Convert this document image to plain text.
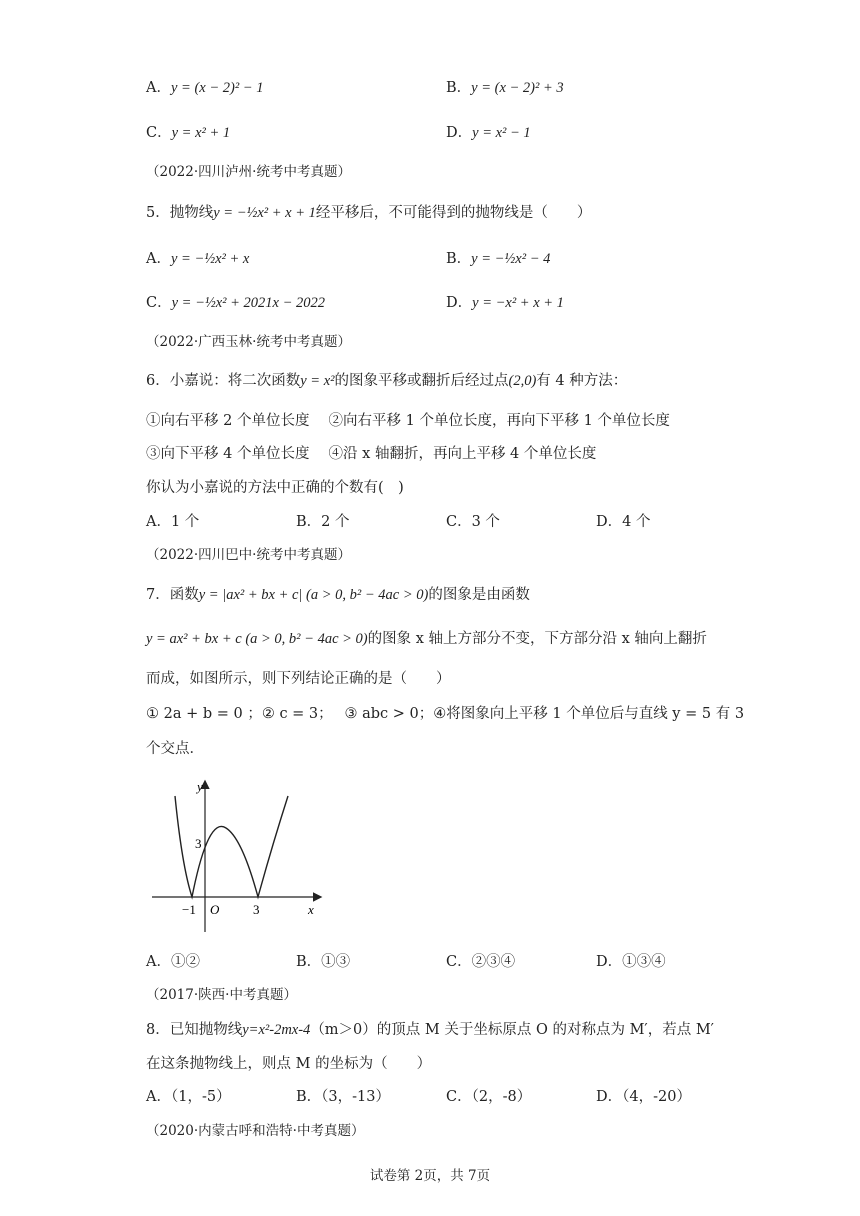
A．y = (x − 2)² − 1	B．y = (x − 2)² + 3
C．y = x² + 1	D．y = x² − 1
（2022·四川泸州·统考中考真题）
5．抛物线y = −½x² + x + 1经平移后，不可能得到的抛物线是（　　）
A．y = −½x² + x	B．y = −½x² − 4
C．y = −½x² + 2021x − 2022	D．y = −x² + x + 1
（2022·广西玉林·统考中考真题）
6．小嘉说：将二次函数y = x²的图象平移或翻折后经过点(2,0)有 4 种方法：
①向右平移 2 个单位长度　 ②向右平移 1 个单位长度，再向下平移 1 个单位长度
③向下平移 4 个单位长度　 ④沿 x 轴翻折，再向上平移 4 个单位长度
你认为小嘉说的方法中正确的个数有(　)
A．1 个	B．2 个	C．3 个	D．4 个
（2022·四川巴中·统考中考真题）
7．函数y = |ax² + bx + c| (a > 0, b² − 4ac > 0)的图象是由函数
y = ax² + bx + c (a > 0, b² − 4ac > 0)的图象 x 轴上方部分不变，下方部分沿 x 轴向上翻折
而成，如图所示，则下列结论正确的是（　　）
① 2a + b = 0 ；② c = 3；　 ③ abc > 0；④将图象向上平移 1 个单位后与直线 y = 5 有 3
个交点．
y
x
O
−1	3
3
A．①②	B．①③	C．②③④	D．①③④
（2017·陕西·中考真题）
8．已知抛物线y=x²-2mx-4（m＞0）的顶点 M 关于坐标原点 O 的对称点为 M′，若点 M′
在这条抛物线上，则点 M 的坐标为（　　）
A．（1，-5）	B．（3，-13）	C．（2，-8）	D．（4，-20）
（2020·内蒙古呼和浩特·中考真题）
试卷第 2页，共 7页
